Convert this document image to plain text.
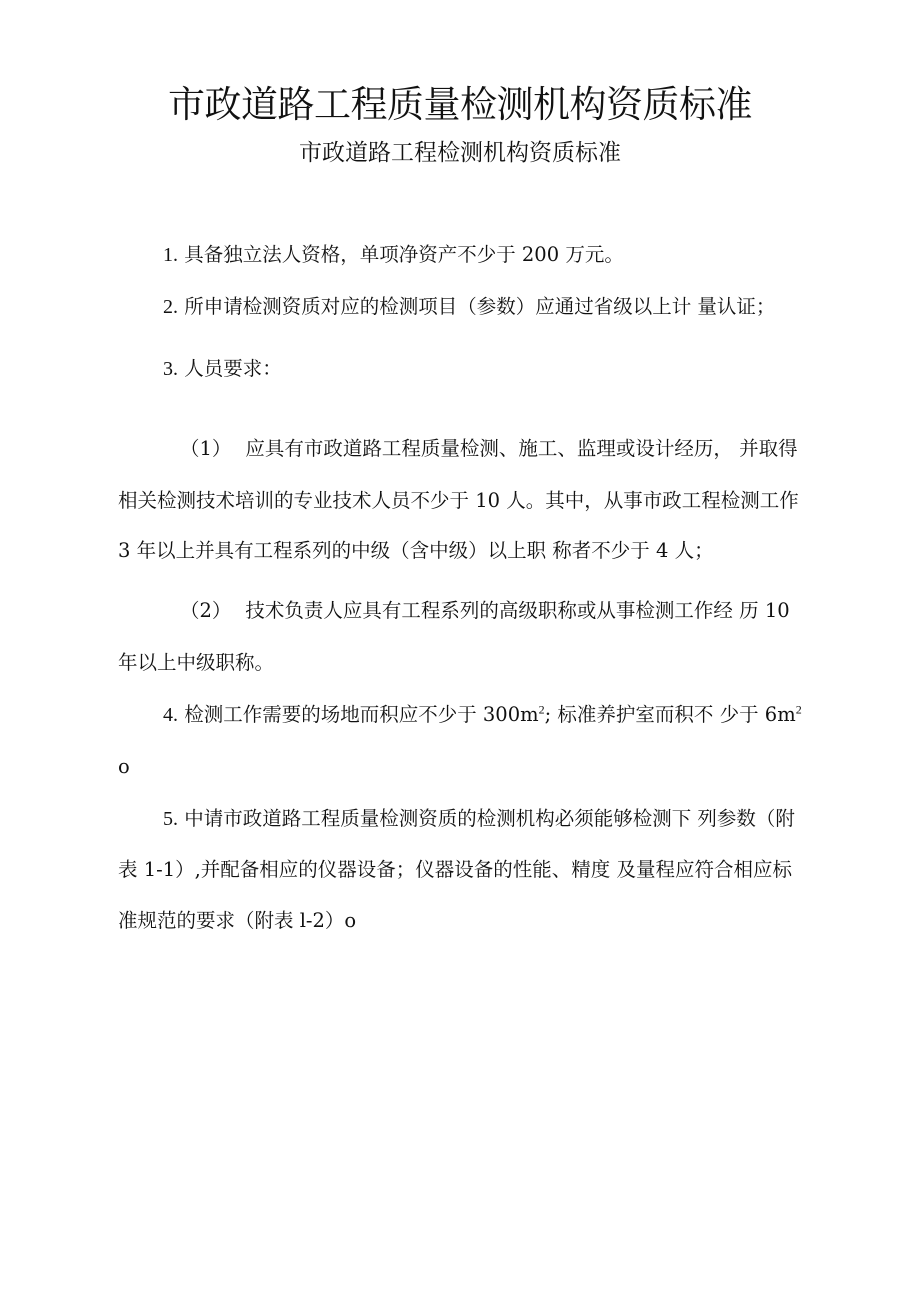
市政道路工程质量检测机构资质标准
市政道路工程检测机构资质标准
1. 具备独立法人资格，单项净资产不少于 200 万元。
2. 所申请检测资质对应的检测项目（参数）应通过省级以上计 量认证；
3. 人员要求：
（1） 应具有市政道路工程质量检测、施工、监理或设计经历， 并取得
相关检测技术培训的专业技术人员不少于 10 人。其中，从事市政工程检测工作
3 年以上并具有工程系列的中级（含中级）以上职 称者不少于 4 人；
（2） 技术负责人应具有工程系列的高级职称或从事检测工作经 历 10
年以上中级职称。
4. 检测工作需要的场地而积应不少于 $300m^2$; 标准养护室而积不 少于 $6m^2$
o
5. 中请市政道路工程质量检测资质的检测机构必须能够检测下 列参数（附
表 1-1）,并配备相应的仪器设备；仪器设备的性能、精度 及量程应符合相应标
准规范的要求（附表 l-2）o
